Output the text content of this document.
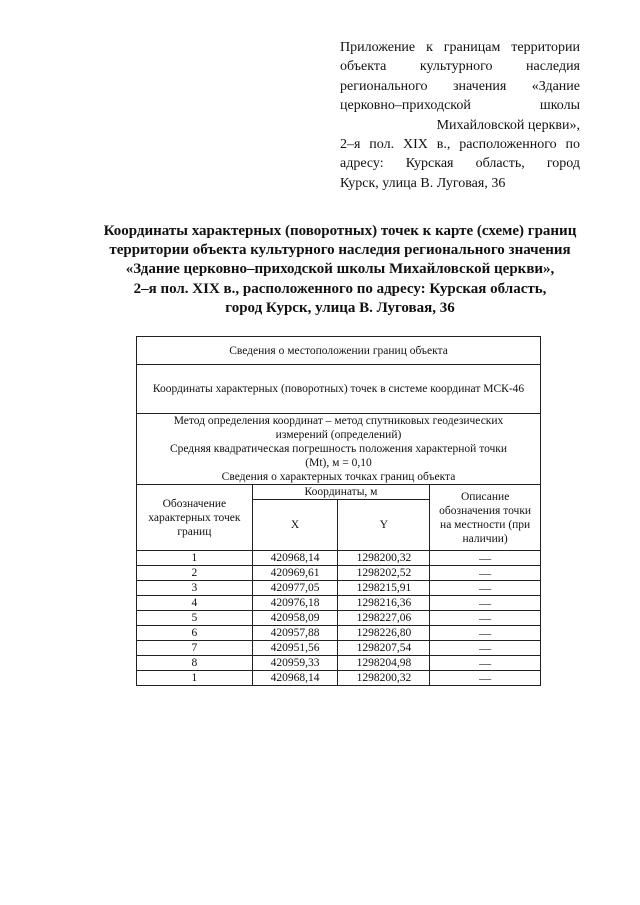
Приложение к границам территории
объекта культурного наследия
регионального значения «Здание
церковно–приходской школы
Михайловской церкви»,
2–я пол. XIX в., расположенного по
адресу: Курская область, город
Курск, улица В. Луговая, 36
Координаты характерных (поворотных) точек к карте (схеме) границ
территории объекта культурного наследия регионального значения
«Здание церковно–приходской школы Михайловской церкви»,
2–я пол. XIX в., расположенного по адресу: Курская область,
город Курск, улица В. Луговая, 36
Сведения о местоположении границ объекта			
Координаты характерных (поворотных) точек в системе координат МСК-46			

Метод определения координат – метод спутниковых геодезических
измерений (определений)
Средняя квадратическая погрешность положения характерной точки
(Mt), м = 0,10
Сведения о характерных точках границ объекта			

Обозначение характерных точек границ	Координаты, м		Описание обозначения точки на местности (при наличии)
	X	Y	
1	420968,14	1298200,32	—
2	420969,61	1298202,52	—
3	420977,05	1298215,91	—
4	420976,18	1298216,36	—
5	420958,09	1298227,06	—
6	420957,88	1298226,80	—
7	420951,56	1298207,54	—
8	420959,33	1298204,98	—
1	420968,14	1298200,32	—
